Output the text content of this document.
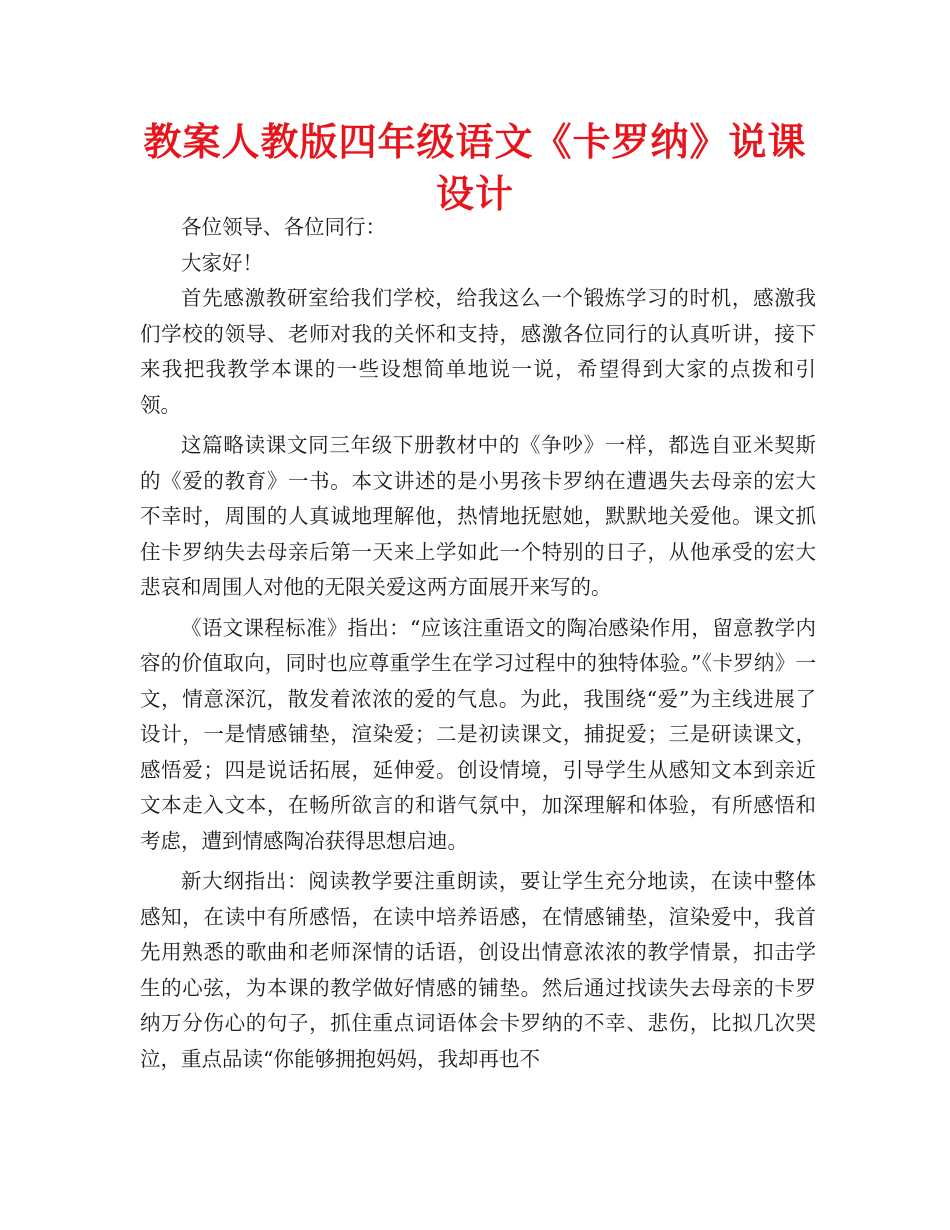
教案人教版四年级语文《卡罗纳》说课设计

各位领导、各位同行：

大家好！

首先感激教研室给我们学校，给我这么一个锻炼学习的时机，感激我们学校的领导、老师对我的关怀和支持，感激各位同行的认真听讲，接下来我把我教学本课的一些设想简单地说一说，希望得到大家的点拨和引领。

这篇略读课文同三年级下册教材中的《争吵》一样，都选自亚米契斯的《爱的教育》一书。本文讲述的是小男孩卡罗纳在遭遇失去母亲的宏大不幸时，周围的人真诚地理解他，热情地抚慰她，默默地关爱他。课文抓住卡罗纳失去母亲后第一天来上学如此一个特别的日子，从他承受的宏大悲哀和周围人对他的无限关爱这两方面展开来写的。

《语文课程标准》指出：“应该注重语文的陶冶感染作用，留意教学内容的价值取向，同时也应尊重学生在学习过程中的独特体验。”《卡罗纳》一文，情意深沉，散发着浓浓的爱的气息。为此，我围绕“爱”为主线进展了设计，一是情感铺垫，渲染爱；二是初读课文，捕捉爱；三是研读课文，感悟爱；四是说话拓展，延伸爱。创设情境，引导学生从感知文本到亲近文本走入文本，在畅所欲言的和谐气氛中，加深理解和体验，有所感悟和考虑，遭到情感陶冶获得思想启迪。

新大纲指出：阅读教学要注重朗读，要让学生充分地读，在读中整体感知，在读中有所感悟，在读中培养语感，在情感铺垫，渲染爱中，我首先用熟悉的歌曲和老师深情的话语，创设出情意浓浓的教学情景，扣击学生的心弦，为本课的教学做好情感的铺垫。然后通过找读失去母亲的卡罗纳万分伤心的句子，抓住重点词语体会卡罗纳的不幸、悲伤，比拟几次哭泣，重点品读“你能够拥抱妈妈，我却再也不
